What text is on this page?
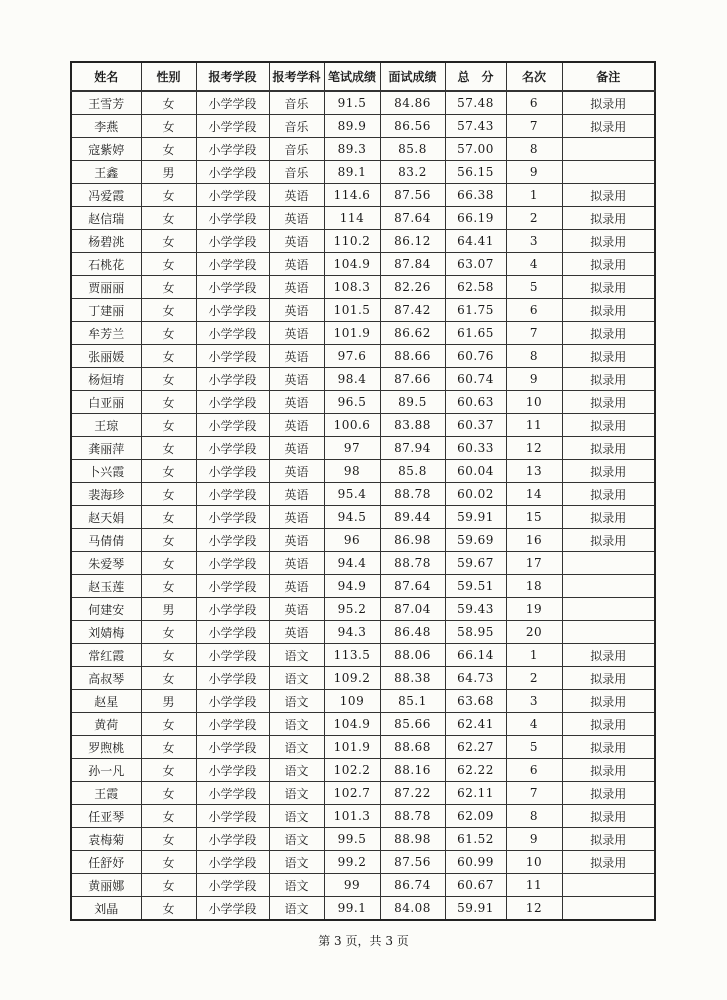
姓名	性别	报考学段	报考学科	笔试成绩	面试成绩	总　分	名次	备注
王雪芳	女	小学学段	音乐	91.5	84.86	57.48	6	拟录用
李燕	女	小学学段	音乐	89.9	86.56	57.43	7	拟录用
寇紫婷	女	小学学段	音乐	89.3	85.8	57.00	8	
王鑫	男	小学学段	音乐	89.1	83.2	56.15	9	
冯爱霞	女	小学学段	英语	114.6	87.56	66.38	1	拟录用
赵信瑞	女	小学学段	英语	114	87.64	66.19	2	拟录用
杨碧洮	女	小学学段	英语	110.2	86.12	64.41	3	拟录用
石桃花	女	小学学段	英语	104.9	87.84	63.07	4	拟录用
贾丽丽	女	小学学段	英语	108.3	82.26	62.58	5	拟录用
丁建丽	女	小学学段	英语	101.5	87.42	61.75	6	拟录用
牟芳兰	女	小学学段	英语	101.9	86.62	61.65	7	拟录用
张丽媛	女	小学学段	英语	97.6	88.66	60.76	8	拟录用
杨烜堉	女	小学学段	英语	98.4	87.66	60.74	9	拟录用
白亚丽	女	小学学段	英语	96.5	89.5	60.63	10	拟录用
王琼	女	小学学段	英语	100.6	83.88	60.37	11	拟录用
龚丽萍	女	小学学段	英语	97	87.94	60.33	12	拟录用
卜兴霞	女	小学学段	英语	98	85.8	60.04	13	拟录用
裴海珍	女	小学学段	英语	95.4	88.78	60.02	14	拟录用
赵天娟	女	小学学段	英语	94.5	89.44	59.91	15	拟录用
马倩倩	女	小学学段	英语	96	86.98	59.69	16	拟录用
朱爱琴	女	小学学段	英语	94.4	88.78	59.67	17	
赵玉莲	女	小学学段	英语	94.9	87.64	59.51	18	
何建安	男	小学学段	英语	95.2	87.04	59.43	19	
刘婧梅	女	小学学段	英语	94.3	86.48	58.95	20	
常红霞	女	小学学段	语文	113.5	88.06	66.14	1	拟录用
高叔琴	女	小学学段	语文	109.2	88.38	64.73	2	拟录用
赵星	男	小学学段	语文	109	85.1	63.68	3	拟录用
黄荷	女	小学学段	语文	104.9	85.66	62.41	4	拟录用
罗煦桃	女	小学学段	语文	101.9	88.68	62.27	5	拟录用
孙一凡	女	小学学段	语文	102.2	88.16	62.22	6	拟录用
王霞	女	小学学段	语文	102.7	87.22	62.11	7	拟录用
任亚琴	女	小学学段	语文	101.3	88.78	62.09	8	拟录用
袁梅菊	女	小学学段	语文	99.5	88.98	61.52	9	拟录用
任舒妤	女	小学学段	语文	99.2	87.56	60.99	10	拟录用
黄丽娜	女	小学学段	语文	99	86.74	60.67	11	
刘晶	女	小学学段	语文	99.1	84.08	59.91	12	
第 3 页，共 3 页
